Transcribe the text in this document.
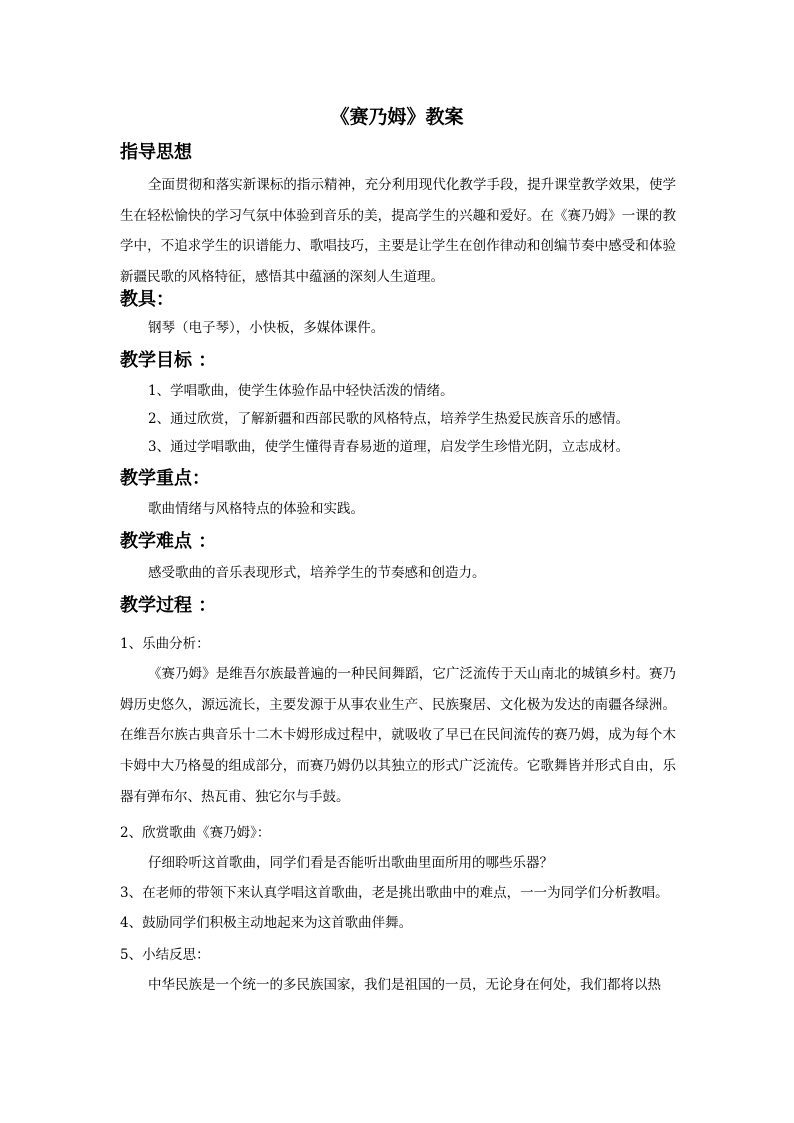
《赛乃姆》教案
指导思想

全面贯彻和落实新课标的指示精神，充分利用现代化教学手段，提升课堂教学效果，使学生在轻松愉快的学习气氛中体验到音乐的美，提高学生的兴趣和爱好。在《赛乃姆》一课的教学中，不追求学生的识谱能力、歌唱技巧，主要是让学生在创作律动和创编节奏中感受和体验新疆民歌的风格特征，感悟其中蕴涵的深刻人生道理。

教具：
钢琴（电子琴），小快板，多媒体课件。
教学目标 ：
1、学唱歌曲，使学生体验作品中轻快活泼的情绪。
2、通过欣赏，了解新疆和西部民歌的风格特点，培养学生热爱民族音乐的感情。
3、通过学唱歌曲，使学生懂得青春易逝的道理，启发学生珍惜光阴，立志成材。
教学重点：
歌曲情绪与风格特点的体验和实践。
教学难点 ：
感受歌曲的音乐表现形式，培养学生的节奏感和创造力。
教学过程 ：
1、乐曲分析：

《赛乃姆》是维吾尔族最普遍的一种民间舞蹈，它广泛流传于天山南北的城镇乡村。赛乃姆历史悠久，源远流长，主要发源于从事农业生产、民族聚居、文化极为发达的南疆各绿洲。在维吾尔族古典音乐十二木卡姆形成过程中，就吸收了早已在民间流传的赛乃姆，成为每个木卡姆中大乃格曼的组成部分，而赛乃姆仍以其独立的形式广泛流传。它歌舞皆并形式自由，乐器有弹布尔、热瓦甫、独它尔与手鼓。

2、欣赏歌曲《赛乃姆》：
仔细聆听这首歌曲，同学们看是否能听出歌曲里面所用的哪些乐器？
3、在老师的带领下来认真学唱这首歌曲，老是挑出歌曲中的难点，一一为同学们分析教唱。
4、鼓励同学们积极主动地起来为这首歌曲伴舞。
5、小结反思：
中华民族是一个统一的多民族国家，我们是祖国的一员，无论身在何处，我们都将以热
